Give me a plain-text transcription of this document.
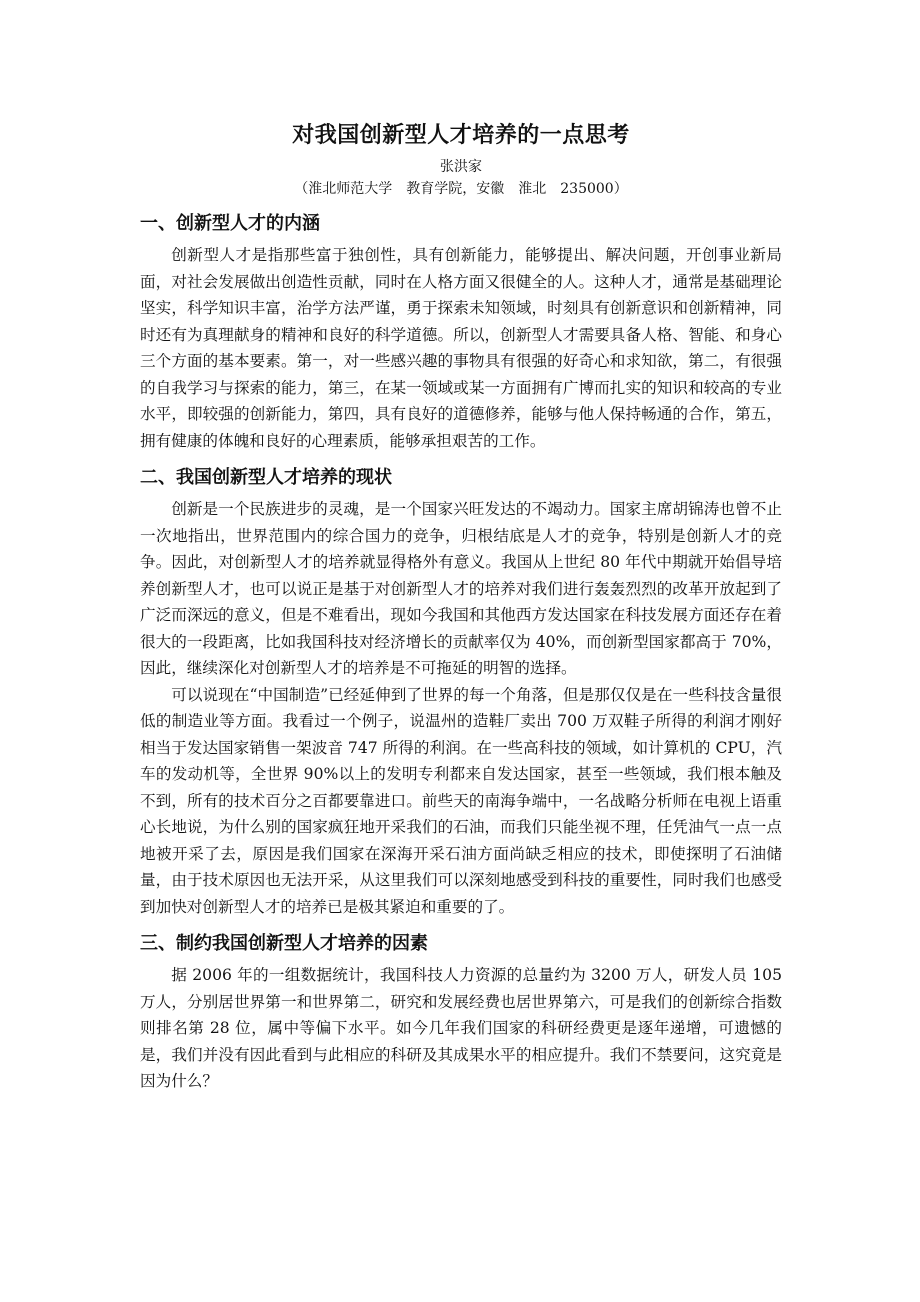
对我国创新型人才培养的一点思考
张洪家
（淮北师范大学　教育学院，安徽　淮北　235000）
一、创新型人才的内涵

创新型人才是指那些富于独创性，具有创新能力，能够提出、解决问题，开创事业新局面，对社会发展做出创造性贡献，同时在人格方面又很健全的人。这种人才，通常是基础理论坚实，科学知识丰富，治学方法严谨，勇于探索未知领域，时刻具有创新意识和创新精神，同时还有为真理献身的精神和良好的科学道德。所以，创新型人才需要具备人格、智能、和身心三个方面的基本要素。第一，对一些感兴趣的事物具有很强的好奇心和求知欲，第二，有很强的自我学习与探索的能力，第三，在某一领域或某一方面拥有广博而扎实的知识和较高的专业水平，即较强的创新能力，第四，具有良好的道德修养，能够与他人保持畅通的合作，第五，拥有健康的体魄和良好的心理素质，能够承担艰苦的工作。

二、我国创新型人才培养的现状

创新是一个民族进步的灵魂，是一个国家兴旺发达的不竭动力。国家主席胡锦涛也曾不止一次地指出，世界范围内的综合国力的竞争，归根结底是人才的竞争，特别是创新人才的竞争。因此，对创新型人才的培养就显得格外有意义。我国从上世纪 80 年代中期就开始倡导培养创新型人才，也可以说正是基于对创新型人才的培养对我们进行轰轰烈烈的改革开放起到了广泛而深远的意义，但是不难看出，现如今我国和其他西方发达国家在科技发展方面还存在着很大的一段距离，比如我国科技对经济增长的贡献率仅为 40%，而创新型国家都高于 70%，因此，继续深化对创新型人才的培养是不可拖延的明智的选择。

可以说现在“中国制造”已经延伸到了世界的每一个角落，但是那仅仅是在一些科技含量很低的制造业等方面。我看过一个例子，说温州的造鞋厂卖出 700 万双鞋子所得的利润才刚好相当于发达国家销售一架波音 747 所得的利润。在一些高科技的领域，如计算机的 CPU，汽车的发动机等，全世界 90%以上的发明专利都来自发达国家，甚至一些领域，我们根本触及不到，所有的技术百分之百都要靠进口。前些天的南海争端中，一名战略分析师在电视上语重心长地说，为什么别的国家疯狂地开采我们的石油，而我们只能坐视不理，任凭油气一点一点地被开采了去，原因是我们国家在深海开采石油方面尚缺乏相应的技术，即使探明了石油储量，由于技术原因也无法开采，从这里我们可以深刻地感受到科技的重要性，同时我们也感受到加快对创新型人才的培养已是极其紧迫和重要的了。

三、制约我国创新型人才培养的因素

据 2006 年的一组数据统计，我国科技人力资源的总量约为 3200 万人，研发人员 105 万人，分别居世界第一和世界第二，研究和发展经费也居世界第六，可是我们的创新综合指数则排名第 28 位，属中等偏下水平。如今几年我们国家的科研经费更是逐年递增，可遗憾的是，我们并没有因此看到与此相应的科研及其成果水平的相应提升。我们不禁要问，这究竟是因为什么？
